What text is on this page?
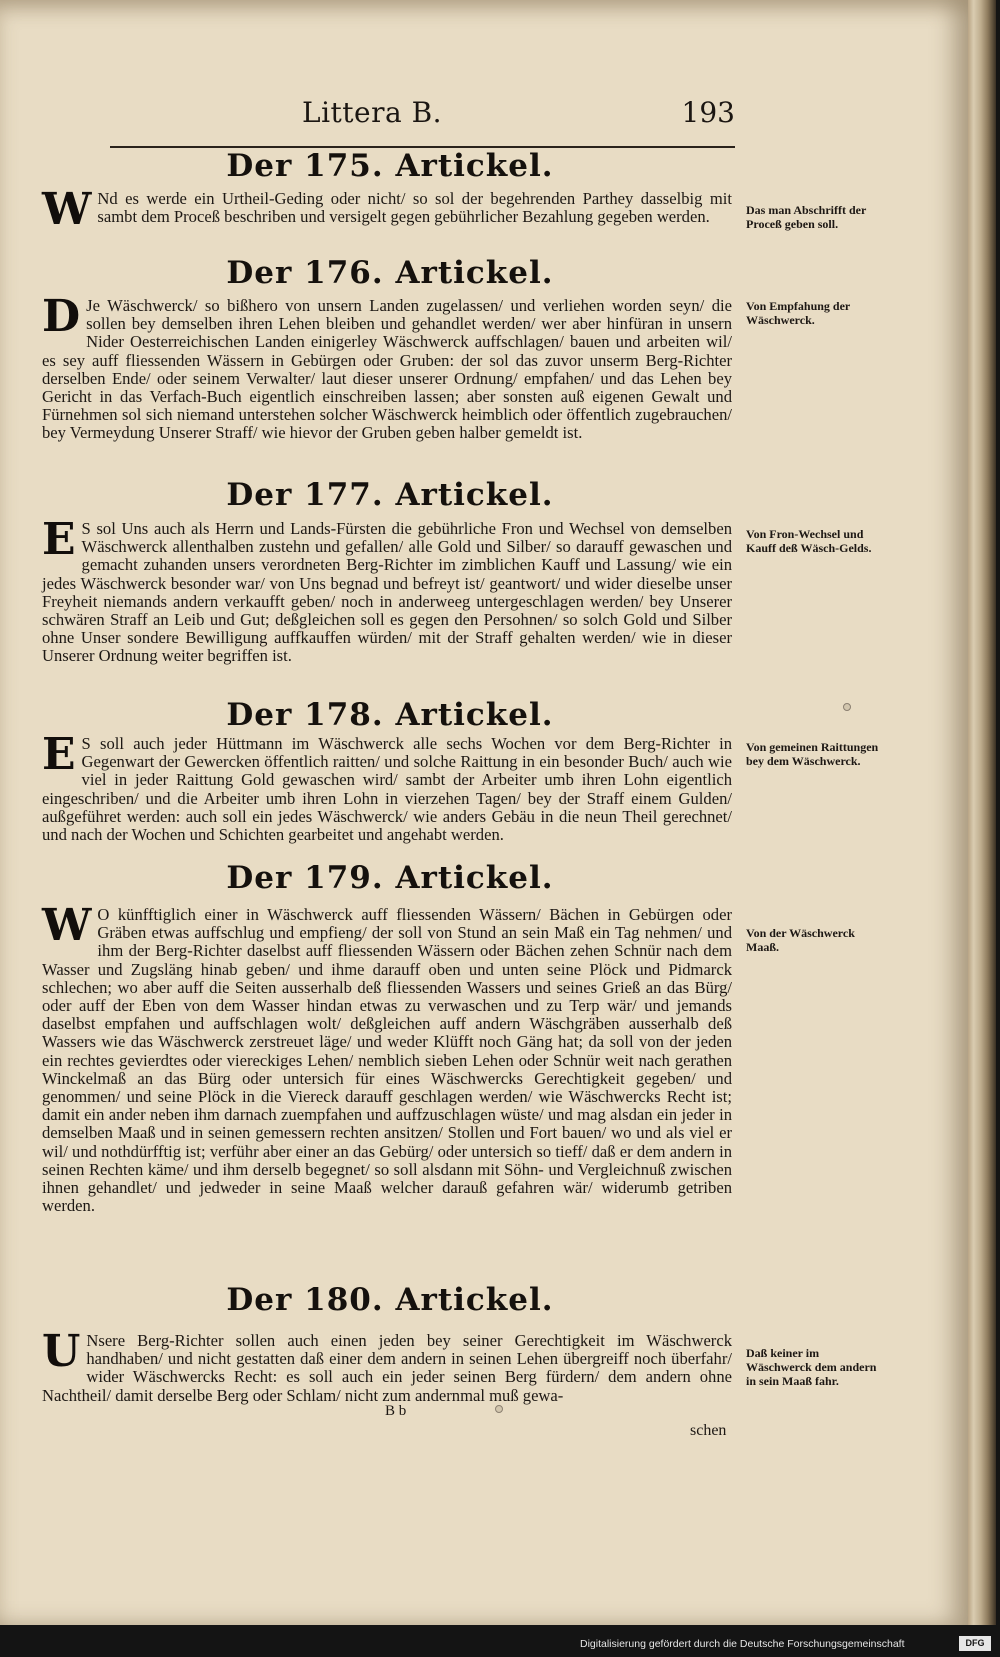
Littera B.	193
Der 175. Artickel.
W Nd es werde ein Urtheil-Geding oder nicht/ so sol der begehrenden Parthey dasselbig mit sambt dem Proceß beschriben und versigelt gegen gebührlicher Bezahlung gegeben werden.	Das man Abschrifft der Proceß geben soll.
Der 176. Artickel.
D Je Wäschwerck/ so bißhero von unsern Landen zugelassen/ und verliehen worden seyn/ die sollen bey demselben ihren Lehen bleiben und gehandlet werden/ wer aber hinfüran in unsern Nider Oesterreichischen Landen einigerley Wäschwerck auffschlagen/ bauen und arbeiten wil/ es sey auff fliessenden Wässern in Gebürgen oder Gruben: der sol das zuvor unserm Berg-Richter derselben Ende/ oder seinem Verwalter/ laut dieser unserer Ordnung/ empfahen/ und das Lehen bey Gericht in das Verfach-Buch eigentlich einschreiben lassen; aber sonsten auß eigenen Gewalt und Fürnehmen sol sich niemand unterstehen solcher Wäschwerck heimblich oder öffentlich zugebrauchen/ bey Vermeydung Unserer Straff/ wie hievor der Gruben geben halber gemeldt ist.
Von Empfahung der Wäschwerck.
Der 177. Artickel.
E S sol Uns auch als Herrn und Lands-Fürsten die gebührliche Fron und Wechsel von demselben Wäschwerck allenthalben zustehn und gefallen/ alle Gold und Silber/ so darauff gewaschen und gemacht zuhanden unsers verordneten Berg-Richter im zimblichen Kauff und Lassung/ wie ein jedes Wäschwerck besonder war/ von Uns begnad und befreyt ist/ geantwort/ und wider dieselbe unser Freyheit niemands andern verkaufft geben/ noch in anderweeg untergeschlagen werden/ bey Unserer schwären Straff an Leib und Gut; deßgleichen soll es gegen den Persohnen/ so solch Gold und Silber ohne Unser sondere Bewilligung auffkauffen würden/ mit der Straff gehalten werden/ wie in dieser Unserer Ordnung weiter begriffen ist.
Von Fron-Wechsel und Kauff deß Wäsch-Gelds.
Der 178. Artickel.
E S soll auch jeder Hüttmann im Wäschwerck alle sechs Wochen vor dem Berg-Richter in Gegenwart der Gewercken öffentlich raitten/ und solche Raittung in ein besonder Buch/ auch wie viel in jeder Raittung Gold gewaschen wird/ sambt der Arbeiter umb ihren Lohn eigentlich eingeschriben/ und die Arbeiter umb ihren Lohn in vierzehen Tagen/ bey der Straff einem Gulden/ außgeführet werden: auch soll ein jedes Wäschwerck/ wie anders Gebäu in die neun Theil gerechnet/ und nach der Wochen und Schichten gearbeitet und angehabt werden.
Von gemeinen Raittungen bey dem Wäschwerck.
Der 179. Artickel.
W O künfftiglich einer in Wäschwerck auff fliessenden Wässern/ Bächen in Gebürgen oder Gräben etwas auffschlug und empfieng/ der soll von Stund an sein Maß ein Tag nehmen/ und ihm der Berg-Richter daselbst auff fliessenden Wässern oder Bächen zehen Schnür nach dem Wasser und Zugsläng hinab geben/ und ihme darauff oben und unten seine Plöck und Pidmarck schlechen; wo aber auff die Seiten ausserhalb deß fliessenden Wassers und seines Grieß an das Bürg/ oder auff der Eben von dem Wasser hindan etwas zu verwaschen und zu Terp wär/ und jemands daselbst empfahen und auffschlagen wolt/ deßgleichen auff andern Wäschgräben ausserhalb deß Wassers wie das Wäschwerck zerstreuet läge/ und weder Klüfft noch Gäng hat; da soll von der jeden ein rechtes gevierdtes oder viereckiges Lehen/ nemblich sieben Lehen oder Schnür weit nach gerathen Winckelmaß an das Bürg oder untersich für eines Wäschwercks Gerechtigkeit gegeben/ und genommen/ und seine Plöck in die Viereck darauff geschlagen werden/ wie Wäschwercks Recht ist; damit ein ander neben ihm darnach zuempfahen und auffzuschlagen wüste/ und mag alsdan ein jeder in demselben Maaß und in seinen gemessern rechten ansitzen/ Stollen und Fort bauen/ wo und als viel er wil/ und nothdürfftig ist; verführ aber einer an das Gebürg/ oder untersich so tieff/ daß er dem andern in seinen Rechten käme/ und ihm derselb begegnet/ so soll alsdann mit Söhn- und Vergleichnuß zwischen ihnen gehandlet/ und jedweder in seine Maaß welcher darauß gefahren wär/ widerumb getriben werden.
Von der Wäschwerck Maaß.
Der 180. Artickel.
U Nsere Berg-Richter sollen auch einen jeden bey seiner Gerechtigkeit im Wäschwerck handhaben/ und nicht gestatten daß einer dem andern in seinen Lehen übergreiff noch überfahr/ wider Wäschwercks Recht: es soll auch ein jeder seinen Berg fürdern/ dem andern ohne Nachtheil/ damit derselbe Berg oder Schlam/ nicht zum andernmal muß gewa-
Daß keiner im Wäschwerck dem andern in sein Maaß fahr.
B b
schen
Digitalisierung gefördert durch die Deutsche Forschungsgemeinschaft	DFG
